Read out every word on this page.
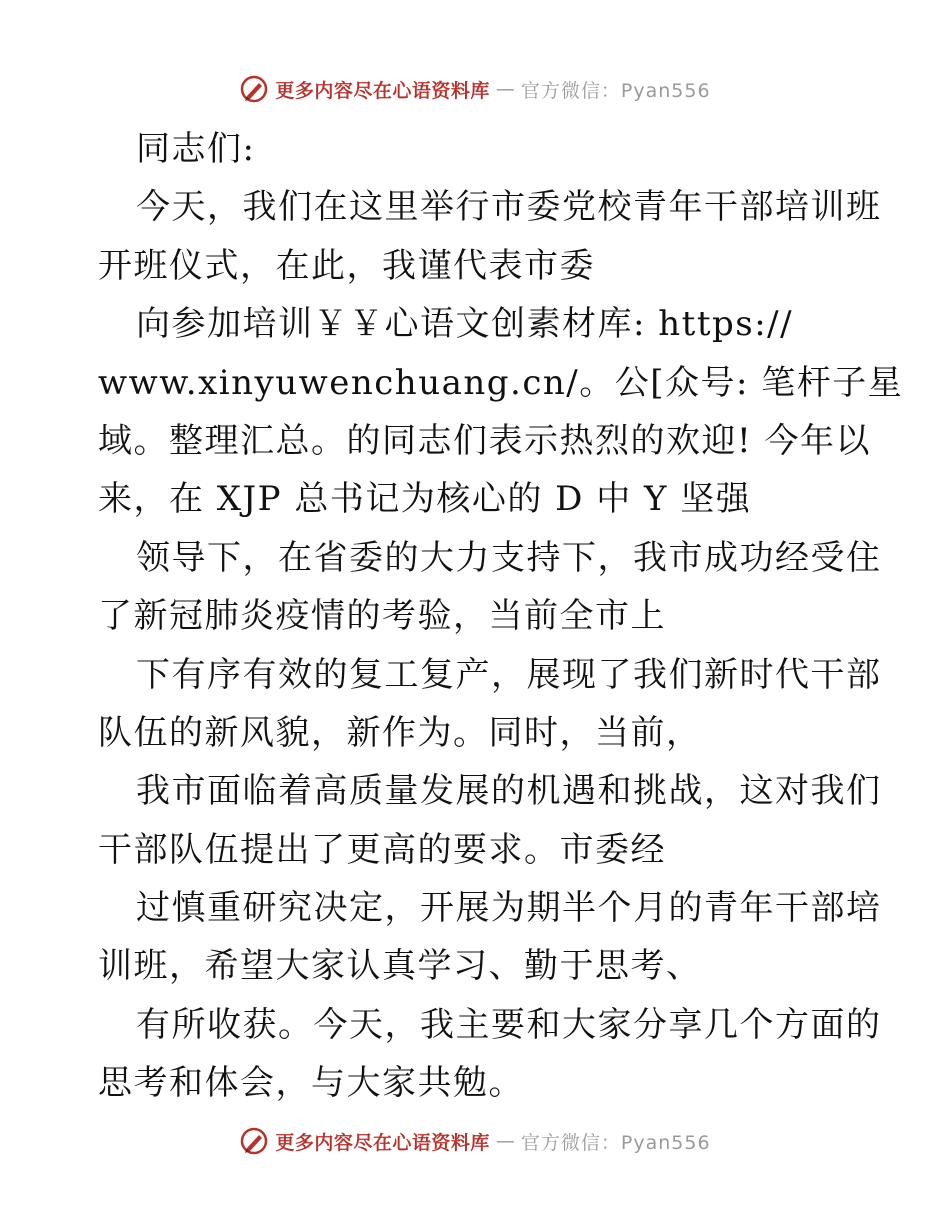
更多内容尽在心语资料库 — 官方微信：Pyan556
同志们:
今天，我们在这里举行市委党校青年干部培训班
开班仪式，在此，我谨代表市委
向参加培训￥￥心语文创素材库: https://
www.xinyuwenchuang.cn/。公[众号: 笔杆子星
域。整理汇总。的同志们表示热烈的欢迎! 今年以
来，在 XJP 总书记为核心的 D 中 Y 坚强
领导下，在省委的大力支持下，我市成功经受住
了新冠肺炎疫情的考验，当前全市上
下有序有效的复工复产，展现了我们新时代干部
队伍的新风貌，新作为。同时，当前，
我市面临着高质量发展的机遇和挑战，这对我们
干部队伍提出了更高的要求。市委经
过慎重研究决定，开展为期半个月的青年干部培
训班，希望大家认真学习、勤于思考、
有所收获。今天，我主要和大家分享几个方面的
思考和体会，与大家共勉。
更多内容尽在心语资料库 — 官方微信：Pyan556
